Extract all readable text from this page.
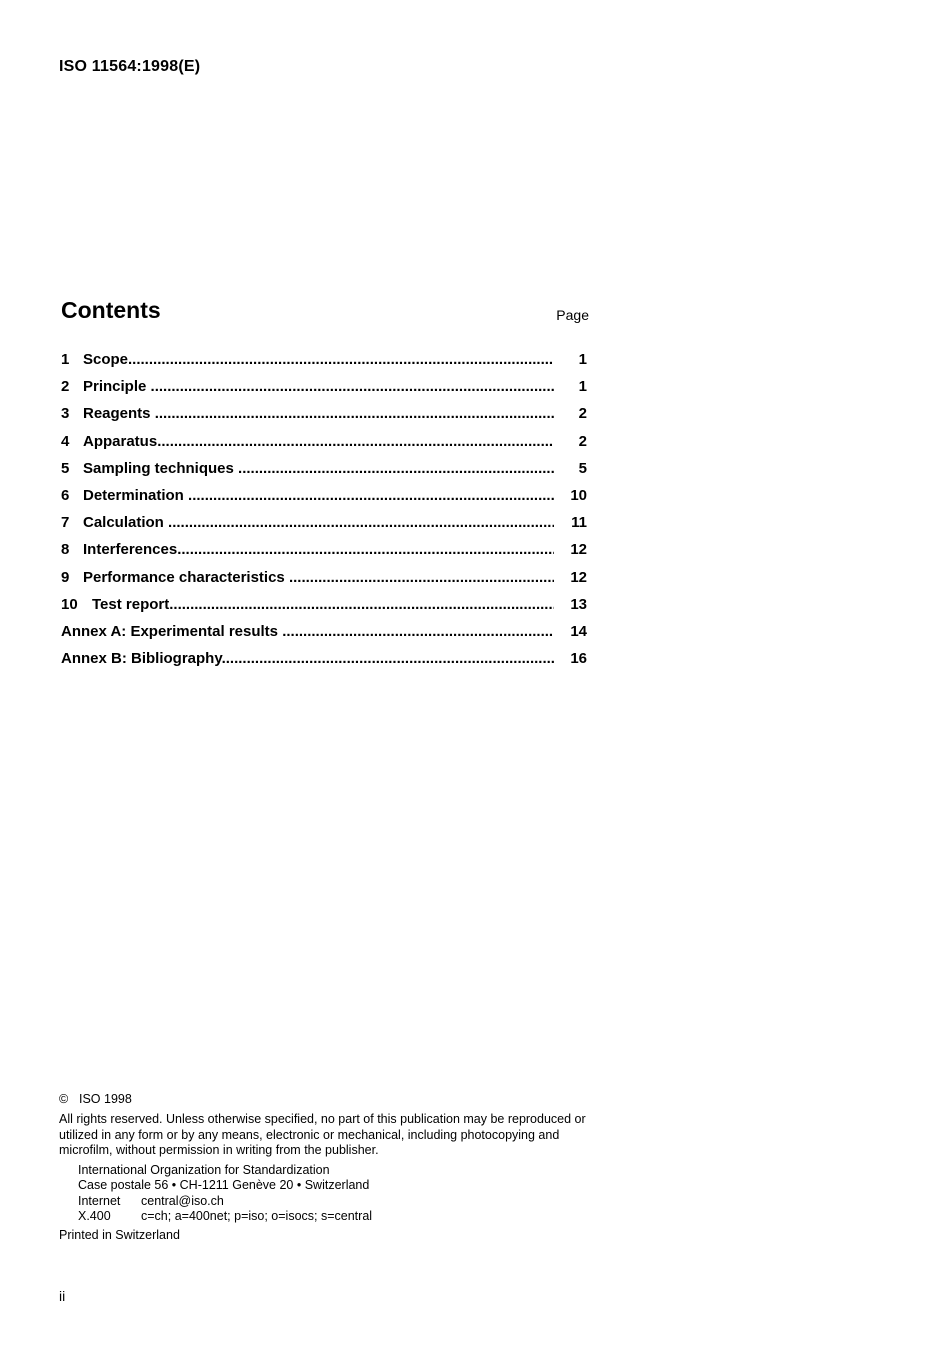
ISO 11564:1998(E)
Contents	Page
1 Scope .....	1
2 Principle .....	1
3 Reagents .....	2
4 Apparatus .....	2
5 Sampling techniques .....	5
6 Determination .....	10
7 Calculation .....	11
8 Interferences .....	12
9 Performance characteristics .....	12
10 Test report .....	13
Annex A: Experimental results .....	14
Annex B: Bibliography .....	16
© ISO 1998

All rights reserved. Unless otherwise specified, no part of this publication may be reproduced or utilized in any form or by any means, electronic or mechanical, including photocopying and microfilm, without permission in writing from the publisher.

International Organization for Standardization
Case postale 56 • CH-1211 Genève 20 • Switzerland
Internet central@iso.ch
X.400 c=ch; a=400net; p=iso; o=isocs; s=central
Printed in Switzerland
ii
